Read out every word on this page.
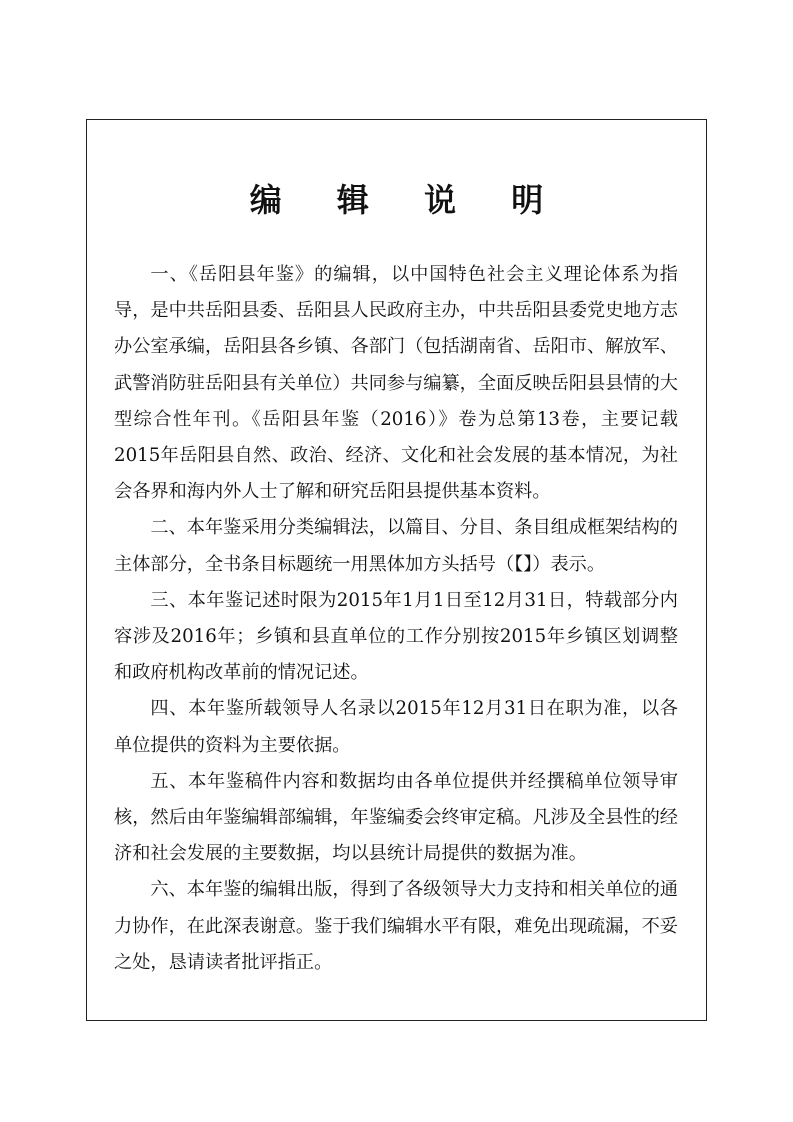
编 辑 说 明

一、《岳阳县年鉴》的编辑，以中国特色社会主义理论体系为指导，是中共岳阳县委、岳阳县人民政府主办，中共岳阳县委党史地方志办公室承编，岳阳县各乡镇、各部门（包括湖南省、岳阳市、解放军、武警消防驻岳阳县有关单位）共同参与编纂，全面反映岳阳县县情的大型综合性年刊。《岳阳县年鉴（2016）》卷为总第13卷，主要记载2015年岳阳县自然、政治、经济、文化和社会发展的基本情况，为社会各界和海内外人士了解和研究岳阳县提供基本资料。

二、本年鉴采用分类编辑法，以篇目、分目、条目组成框架结构的主体部分，全书条目标题统一用黑体加方头括号（【】）表示。

三、本年鉴记述时限为2015年1月1日至12月31日，特载部分内容涉及2016年；乡镇和县直单位的工作分别按2015年乡镇区划调整和政府机构改革前的情况记述。

四、本年鉴所载领导人名录以2015年12月31日在职为准，以各单位提供的资料为主要依据。

五、本年鉴稿件内容和数据均由各单位提供并经撰稿单位领导审核，然后由年鉴编辑部编辑，年鉴编委会终审定稿。凡涉及全县性的经济和社会发展的主要数据，均以县统计局提供的数据为准。

六、本年鉴的编辑出版，得到了各级领导大力支持和相关单位的通力协作，在此深表谢意。鉴于我们编辑水平有限，难免出现疏漏，不妥之处，恳请读者批评指正。
